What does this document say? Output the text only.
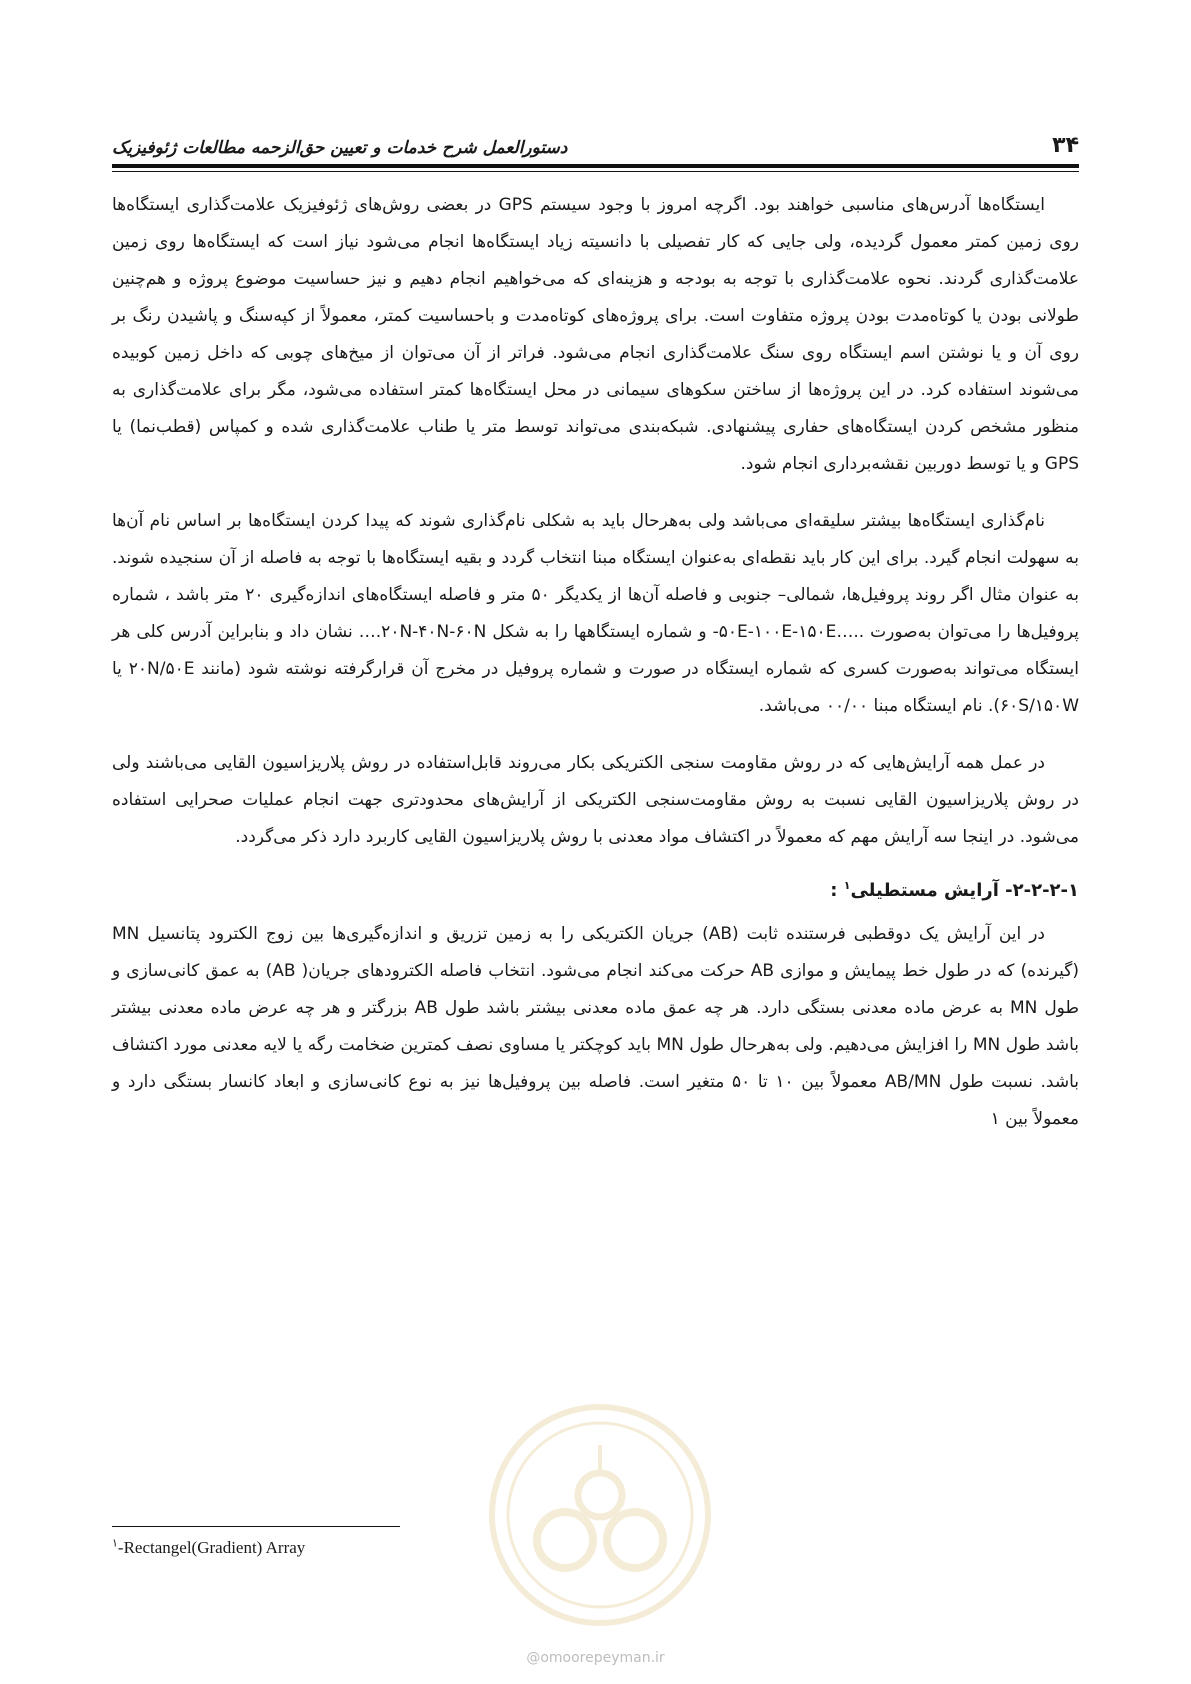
۳۴
دستورالعمل شرح خدمات و تعیین حق‌الزحمه مطالعات ژئوفیزیک

ایستگاه‌ها آدرس‌های مناسبی خواهند بود. اگرچه امروز با وجود سیستم GPS در بعضی روش‌های ژئوفیزیک علامت‌گذاری ایستگاه‌ها روی زمین کمتر معمول گردیده، ولی جایی که کار تفصیلی با دانسیته زیاد ایستگاه‌ها انجام می‌شود نیاز است که ایستگاه‌ها روی زمین علامت‌گذاری گردند. نحوه علامت‌گذاری با توجه به بودجه و هزینه‌ای که می‌خواهیم انجام دهیم و نیز حساسیت موضوع پروژه و هم‌چنین طولانی بودن یا کوتاه‌مدت بودن پروژه متفاوت است. برای پروژه‌های کوتاه‌مدت و باحساسیت کمتر، معمولاً از کپه‌سنگ و پاشیدن رنگ بر روی آن و یا نوشتن اسم ایستگاه روی سنگ علامت‌گذاری انجام می‌شود. فراتر از آن می‌توان از میخ‌های چوبی که داخل زمین کوبیده می‌شوند استفاده کرد. در این پروژه‌ها از ساختن سکوهای سیمانی در محل ایستگاه‌ها کمتر استفاده می‌شود، مگر برای علامت‌گذاری به منظور مشخص کردن ایستگاه‌های حفاری پیشنهادی. شبکه‌بندی می‌تواند توسط متر یا طناب علامت‌گذاری شده و کمپاس (قطب‌نما) یا GPS و یا توسط دوربین نقشه‌برداری انجام شود.

نام‌گذاری ایستگاه‌ها بیشتر سلیقه‌ای می‌باشد ولی به‌هرحال باید به شکلی نام‌گذاری شوند که پیدا کردن ایستگاه‌ها بر اساس نام آن‌ها به سهولت انجام گیرد. برای این کار باید نقطه‌ای به‌عنوان ایستگاه مبنا انتخاب گردد و بقیه ایستگاه‌ها با توجه به فاصله از آن سنجیده شوند. به عنوان مثال اگر روند پروفیل‌ها، شمالی– جنوبی و فاصله آن‌ها از یکدیگر ۵۰ متر و فاصله ایستگاه‌های اندازه‌گیری ۲۰ متر باشد ، شماره پروفیل‌ها را می‌توان به‌صورت ‎-۵۰E-۱۰۰E-۱۵۰E…..‎ و شماره ایستگاهها را به شکل ‎….۲۰N-۴۰N-۶۰N‎ نشان داد و بنابراین آدرس کلی هر ایستگاه می‌تواند به‌صورت کسری که شماره ایستگاه در صورت و شماره پروفیل در مخرج آن قرارگرفته نوشته شود (مانند ‎۲۰N/۵۰E‎ یا ‎۶۰S/۱۵۰W‎). نام ایستگاه مبنا ۰۰/۰۰ می‌باشد.

در عمل همه آرایش‌هایی که در روش مقاومت سنجی الکتریکی بکار می‌روند قابل‌استفاده در روش پلاریزاسیون القایی می‌باشند ولی در روش پلاریزاسیون القایی نسبت به روش مقاومت‌سنجی الکتریکی از آرایش‌های محدودتری جهت انجام عملیات صحرایی استفاده می‌شود. در اینجا سه آرایش مهم که معمولاً در اکتشاف مواد معدنی با روش پلاریزاسیون القایی کاربرد دارد ذکر می‌گردد.

۲-۲-۲-۱- آرایش مستطیلی$^۱$ :

در این آرایش یک دوقطبی فرستنده ثابت (AB) جریان الکتریکی را به زمین تزریق و اندازه‌گیری‌ها بین زوج الکترود پتانسیل MN (گیرنده) که در طول خط پیمایش و موازی AB حرکت می‌کند انجام می‌شود. انتخاب فاصله الکترودهای جریان( AB) به عمق کانی‌سازی و طول MN به عرض ماده معدنی بستگی دارد. هر چه عمق ماده معدنی بیشتر باشد طول AB بزرگتر و هر چه عرض ماده معدنی بیشتر باشد طول MN را افزایش می‌دهیم. ولی به‌هرحال طول MN باید کوچکتر یا مساوی نصف کمترین ضخامت رگه یا لایه معدنی مورد اکتشاف باشد. نسبت طول AB/MN معمولاً بین ۱۰ تا ۵۰ متغیر است. فاصله بین پروفیل‌ها نیز به نوع کانی‌سازی و ابعاد کانسار بستگی دارد و معمولاً بین ۱

$^۱$-Rectangel(Gradient) Array
@omoorepeyman.ir
